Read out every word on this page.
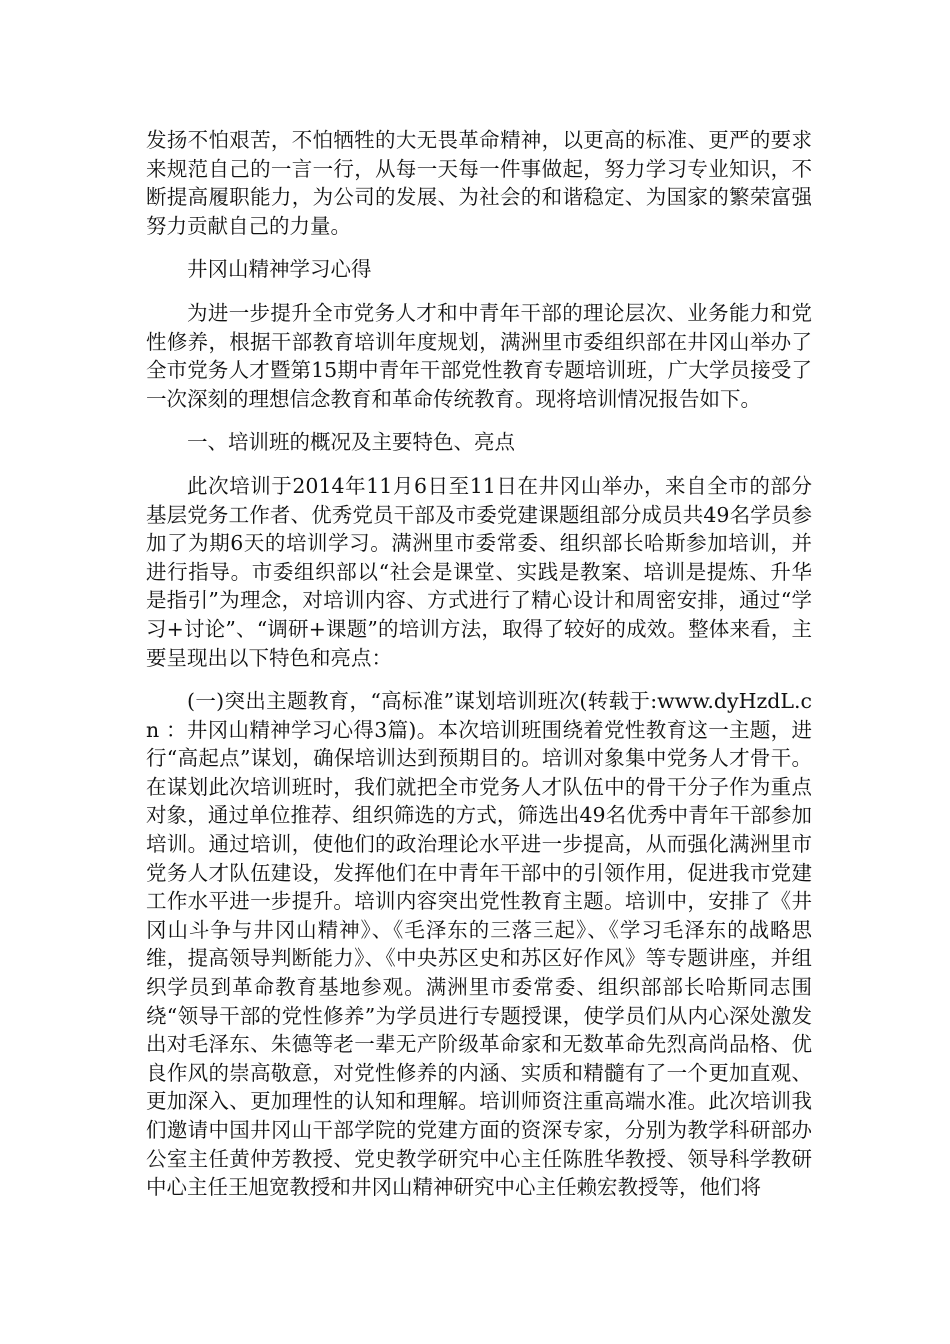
发扬不怕艰苦，不怕牺牲的大无畏革命精神，以更高的标准、更严的要求来规范自己的一言一行，从每一天每一件事做起，努力学习专业知识，不断提高履职能力，为公司的发展、为社会的和谐稳定、为国家的繁荣富强努力贡献自己的力量。

井冈山精神学习心得

为进一步提升全市党务人才和中青年干部的理论层次、业务能力和党性修养，根据干部教育培训年度规划，满洲里市委组织部在井冈山举办了全市党务人才暨第15期中青年干部党性教育专题培训班，广大学员接受了一次深刻的理想信念教育和革命传统教育。现将培训情况报告如下。

一、培训班的概况及主要特色、亮点

此次培训于2014年11月6日至11日在井冈山举办，来自全市的部分基层党务工作者、优秀党员干部及市委党建课题组部分成员共49名学员参加了为期6天的培训学习。满洲里市委常委、组织部长哈斯参加培训，并进行指导。市委组织部以“社会是课堂、实践是教案、培训是提炼、升华是指引”为理念，对培训内容、方式进行了精心设计和周密安排，通过“学习+讨论”、“调研+课题”的培训方法，取得了较好的成效。整体来看，主要呈现出以下特色和亮点：

(一)突出主题教育，“高标准”谋划培训班次(转载于:www.dyHzdL.cn ：井冈山精神学习心得3篇)。本次培训班围绕着党性教育这一主题，进行“高起点”谋划，确保培训达到预期目的。培训对象集中党务人才骨干。在谋划此次培训班时，我们就把全市党务人才队伍中的骨干分子作为重点对象，通过单位推荐、组织筛选的方式，筛选出49名优秀中青年干部参加培训。通过培训，使他们的政治理论水平进一步提高，从而强化满洲里市党务人才队伍建设，发挥他们在中青年干部中的引领作用，促进我市党建工作水平进一步提升。培训内容突出党性教育主题。培训中，安排了《井冈山斗争与井冈山精神》、《毛泽东的三落三起》、《学习毛泽东的战略思维，提高领导判断能力》、《中央苏区史和苏区好作风》等专题讲座，并组织学员到革命教育基地参观。满洲里市委常委、组织部部长哈斯同志围绕“领导干部的党性修养”为学员进行专题授课，使学员们从内心深处激发出对毛泽东、朱德等老一辈无产阶级革命家和无数革命先烈高尚品格、优良作风的崇高敬意，对党性修养的内涵、实质和精髓有了一个更加直观、更加深入、更加理性的认知和理解。培训师资注重高端水准。此次培训我们邀请中国井冈山干部学院的党建方面的资深专家，分别为教学科研部办公室主任黄仲芳教授、党史教学研究中心主任陈胜华教授、领导科学教研中心主任王旭宽教授和井冈山精神研究中心主任赖宏教授等，他们将
